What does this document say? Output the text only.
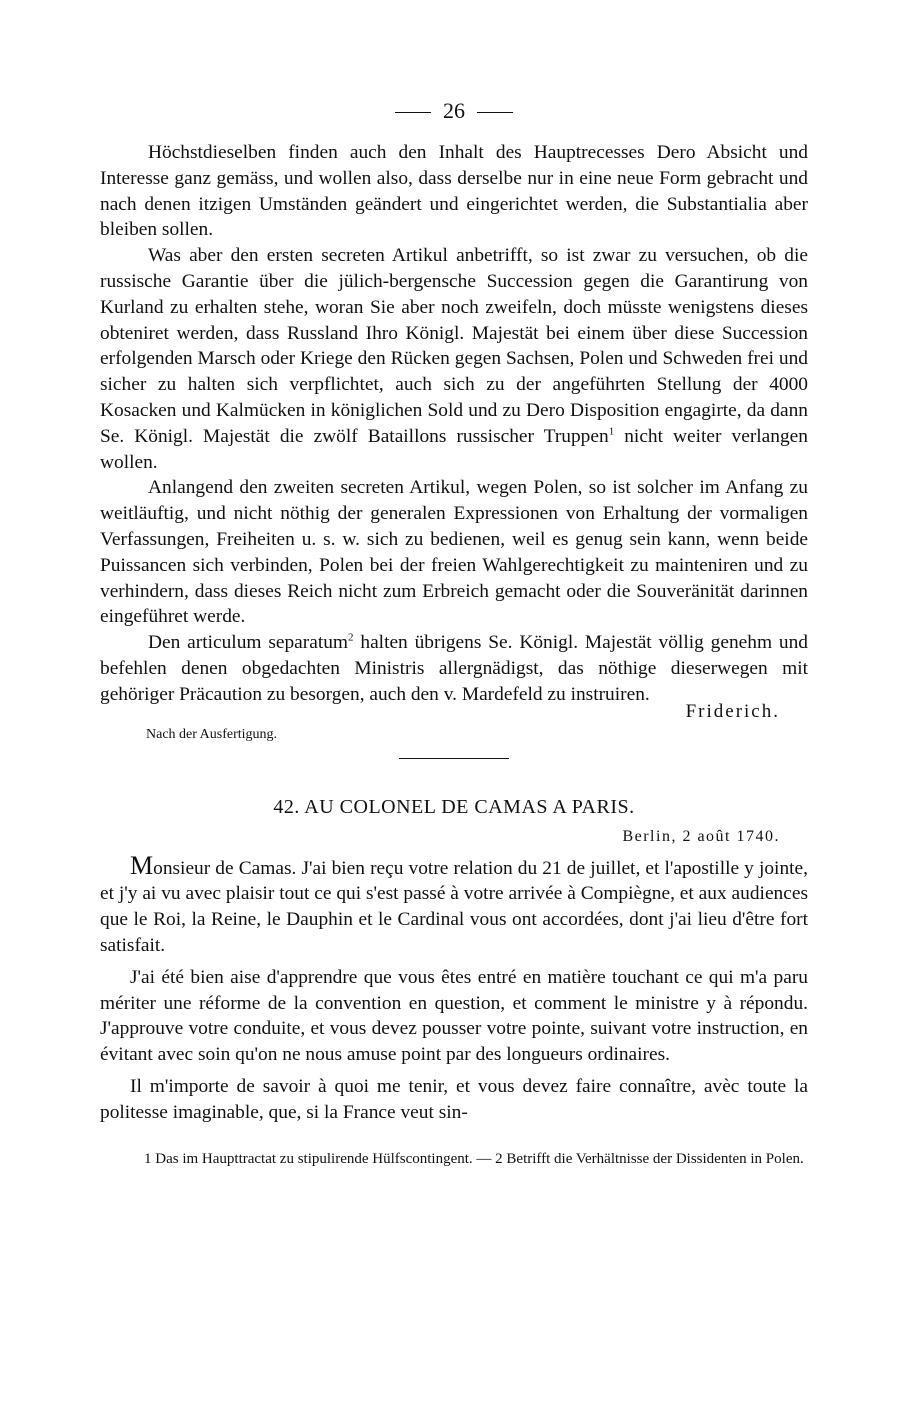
26

Höchstdieselben finden auch den Inhalt des Hauptrecesses Dero Absicht und Interesse ganz gemäss, und wollen also, dass derselbe nur in eine neue Form gebracht und nach denen itzigen Umständen geändert und eingerichtet werden, die Substantialia aber bleiben sollen.

Was aber den ersten secreten Artikul anbetrifft, so ist zwar zu versuchen, ob die russische Garantie über die jülich-bergensche Succession gegen die Garantirung von Kurland zu erhalten stehe, woran Sie aber noch zweifeln, doch müsste wenigstens dieses obteniret werden, dass Russland Ihro Königl. Majestät bei einem über diese Succession erfolgenden Marsch oder Kriege den Rücken gegen Sachsen, Polen und Schweden frei und sicher zu halten sich verpflichtet, auch sich zu der angeführten Stellung der 4000 Kosacken und Kalmücken in königlichen Sold und zu Dero Disposition engagirte, da dann Se. Königl. Majestät die zwölf Bataillons russischer Truppen$^1$ nicht weiter verlangen wollen.

Anlangend den zweiten secreten Artikul, wegen Polen, so ist solcher im Anfang zu weitläuftig, und nicht nöthig der generalen Expressionen von Erhaltung der vormaligen Verfassungen, Freiheiten u. s. w. sich zu bedienen, weil es genug sein kann, wenn beide Puissancen sich verbinden, Polen bei der freien Wahlgerechtigkeit zu mainteniren und zu verhindern, dass dieses Reich nicht zum Erbreich gemacht oder die Souveränität darinnen eingeführet werde.

Den articulum separatum$^2$ halten übrigens Se. Königl. Majestät völlig genehm und befehlen denen obgedachten Ministris allergnädigst, das nöthige dieserwegen mit gehöriger Präcaution zu besorgen, auch den v. Mardefeld zu instruiren.

Friderich.
Nach der Ausfertigung.
42. AU COLONEL DE CAMAS A PARIS.
Berlin, 2 août 1740.

Monsieur de Camas. J'ai bien reçu votre relation du 21 de juillet, et l'apostille y jointe, et j'y ai vu avec plaisir tout ce qui s'est passé à votre arrivée à Compiègne, et aux audiences que le Roi, la Reine, le Dauphin et le Cardinal vous ont accordées, dont j'ai lieu d'être fort satisfait.

J'ai été bien aise d'apprendre que vous êtes entré en matière touchant ce qui m'a paru mériter une réforme de la convention en question, et comment le ministre y à répondu. J'approuve votre conduite, et vous devez pousser votre pointe, suivant votre instruction, en évitant avec soin qu'on ne nous amuse point par des longueurs ordinaires.

Il m'importe de savoir à quoi me tenir, et vous devez faire connaître, avèc toute la politesse imaginable, que, si la France veut sin-

1 Das im Haupttractat zu stipulirende Hülfscontingent. — 2 Betrifft die Verhältnisse der Dissidenten in Polen.
